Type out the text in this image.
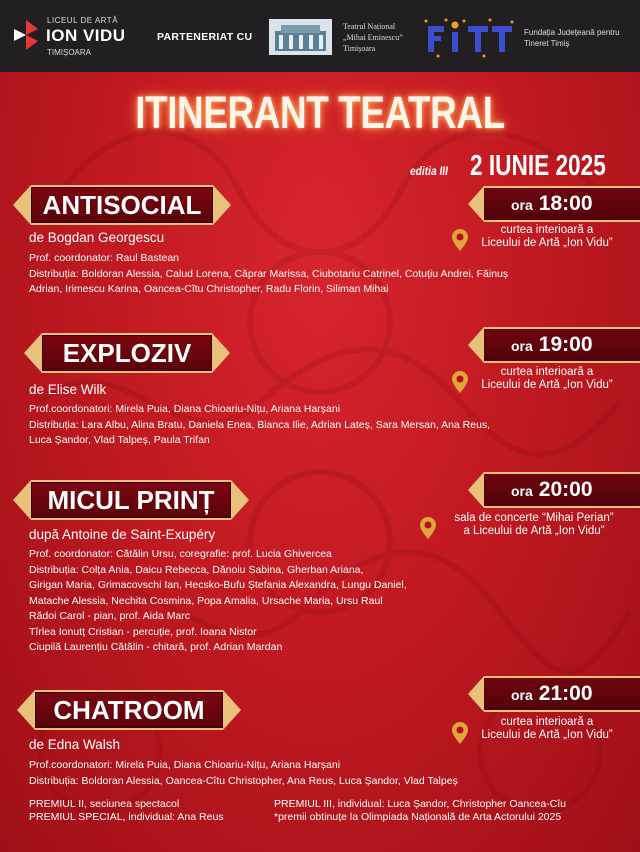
LICEUL DE ARTĂ
ION VIDU
TIMIȘOARA
PARTENERIAT CU
Teatrul Național
„Mihai Eminescu”
Timișoara
Fundația Județeană pentru
Tineret Timiș
ITINERANT TEATRAL
editia III 2 IUNIE 2025
ANTISOCIAL	ora 18:00
curtea interioară a
Liceului de Artă „Ion Vidu”
de Bogdan Georgescu
Prof. coordonator: Raul Bastean
Distribuția: Boldoran Alessia, Calud Lorena, Căprar Marissa, Ciubotariu Catrinel, Cotuțiu Andrei, Făinuș
Adrian, Irimescu Karina, Oancea-Cîtu Christopher, Radu Florin, Siliman Mihai
EXPLOZIV	ora 19:00
curtea interioară a
Liceului de Artă „Ion Vidu”
de Elise Wilk
Prof.coordonatori: Mirela Puia, Diana Chioariu-Nițu, Ariana Harșani
Distribuția: Lara Albu, Alina Bratu, Daniela Enea, Bianca Ilie, Adrian Lateș, Sara Mersan, Ana Reus,
Luca Șandor, Vlad Talpeș, Paula Trifan
MICUL PRINȚ	ora 20:00
sala de concerte “Mihai Perian”
a Liceului de Artă „Ion Vidu”
după Antoine de Saint-Exupéry
Prof. coordonator: Cătălin Ursu, coregrafie: prof. Lucia Ghivercea
Distribuția: Colța Ania, Daicu Rebecca, Dănoiu Sabina, Gherban Ariana,
Girigan Maria, Grimacovschi Ian, Hecsko-Bufu Ștefania Alexandra, Lungu Daniel,
Matache Alessia, Nechita Cosmina, Popa Amalia, Ursache Maria, Ursu Raul
Rădoi Carol - pian, prof. Aida Marc
Tîrlea Ionutț Cristian - percuție, prof. Ioana Nistor
Ciupilă Laurențiu Cătălin - chitară, prof. Adrian Mardan
CHATROOM	ora 21:00
curtea interioară a
Liceului de Artă „Ion Vidu”
de Edna Walsh
Prof.coordonatori: Mirela Puia, Diana Chioariu-Nițu, Ariana Harșani
Distribuția: Boldoran Alessia, Oancea-Cîtu Christopher, Ana Reus, Luca Șandor, Vlad Talpeș
PREMIUL II, seciunea spectacol
PREMIUL SPECIAL, individual: Ana Reus
PREMIUL III, individual: Luca Șandor, Christopher Oancea-Cîu
*premii obtinuțe la Olimpiada Națională de Arta Actorului 2025
